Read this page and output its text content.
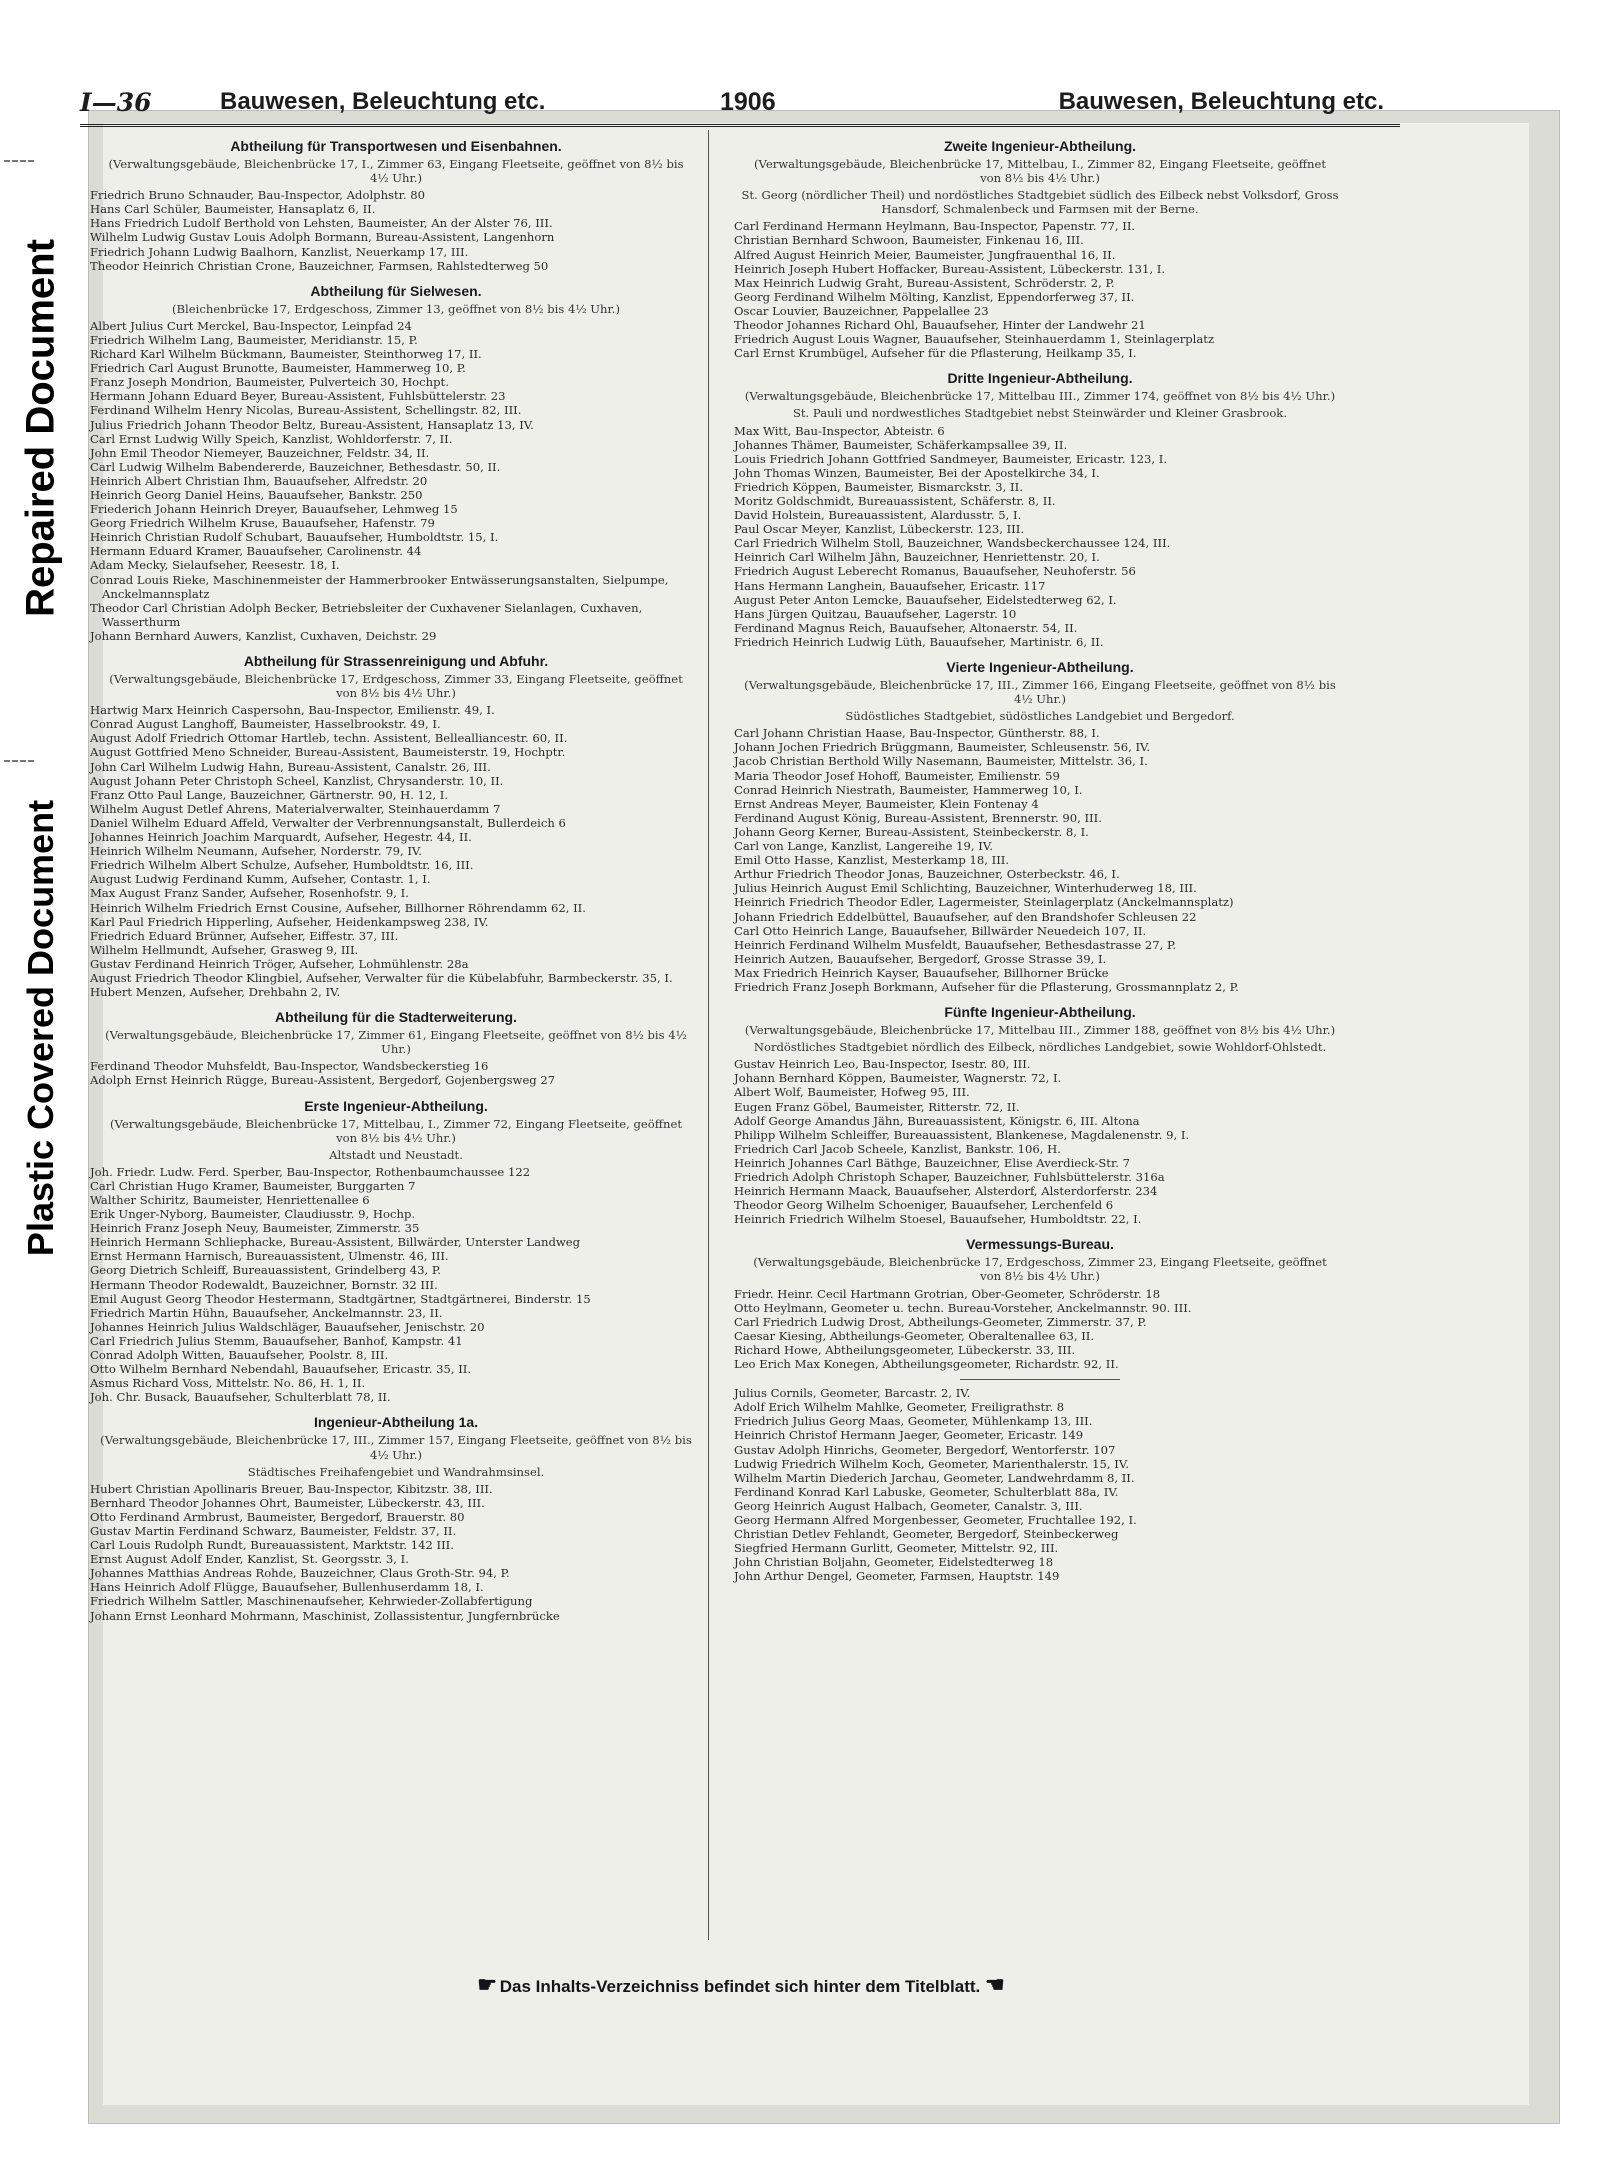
Repaired Document
Plastic Covered Document
I—36	Bauwesen, Beleuchtung etc.	1906	Bauwesen, Beleuchtung etc.
Abtheilung für Transportwesen und Eisenbahnen.
(Verwaltungsgebäude, Bleichenbrücke 17, I., Zimmer 63, Eingang Fleetseite, geöffnet von 8½ bis 4½ Uhr.)
Friedrich Bruno Schnauder, Bau-Inspector, Adolphstr. 80
Hans Carl Schüler, Baumeister, Hansaplatz 6, II.
Hans Friedrich Ludolf Berthold von Lehsten, Baumeister, An der Alster 76, III.
Wilhelm Ludwig Gustav Louis Adolph Bormann, Bureau-Assistent, Langenhorn
Friedrich Johann Ludwig Baalhorn, Kanzlist, Neuerkamp 17, III.
Theodor Heinrich Christian Crone, Bauzeichner, Farmsen, Rahlstedterweg 50
Abtheilung für Sielwesen.
(Bleichenbrücke 17, Erdgeschoss, Zimmer 13, geöffnet von 8½ bis 4½ Uhr.)
Albert Julius Curt Merckel, Bau-Inspector, Leinpfad 24
Friedrich Wilhelm Lang, Baumeister, Meridianstr. 15, P.
Richard Karl Wilhelm Bückmann, Baumeister, Steinthorweg 17, II.
Friedrich Carl August Brunotte, Baumeister, Hammerweg 10, P.
Franz Joseph Mondrion, Baumeister, Pulverteich 30, Hochpt.
Hermann Johann Eduard Beyer, Bureau-Assistent, Fuhlsbüttelerstr. 23
Ferdinand Wilhelm Henry Nicolas, Bureau-Assistent, Schellingstr. 82, III.
Julius Friedrich Johann Theodor Beltz, Bureau-Assistent, Hansaplatz 13, IV.
Carl Ernst Ludwig Willy Speich, Kanzlist, Wohldorferstr. 7, II.
John Emil Theodor Niemeyer, Bauzeichner, Feldstr. 34, II.
Carl Ludwig Wilhelm Babendererde, Bauzeichner, Bethesdastr. 50, II.
Heinrich Albert Christian Ihm, Bauaufseher, Alfredstr. 20
Heinrich Georg Daniel Heins, Bauaufseher, Bankstr. 250
Friederich Johann Heinrich Dreyer, Bauaufseher, Lehmweg 15
Georg Friedrich Wilhelm Kruse, Bauaufseher, Hafenstr. 79
Heinrich Christian Rudolf Schubart, Bauaufseher, Humboldtstr. 15, I.
Hermann Eduard Kramer, Bauaufseher, Carolinenstr. 44
Adam Mecky, Sielaufseher, Reesestr. 18, I.
Conrad Louis Rieke, Maschinenmeister der Hammerbrooker Entwässerungsanstalten, Sielpumpe, Anckelmannsplatz
Theodor Carl Christian Adolph Becker, Betriebsleiter der Cuxhavener Sielanlagen, Cuxhaven, Wasserthurm
Johann Bernhard Auwers, Kanzlist, Cuxhaven, Deichstr. 29
Abtheilung für Strassenreinigung und Abfuhr.
(Verwaltungsgebäude, Bleichenbrücke 17, Erdgeschoss, Zimmer 33, Eingang Fleetseite, geöffnet von 8½ bis 4½ Uhr.)
Hartwig Marx Heinrich Caspersohn, Bau-Inspector, Emilienstr. 49, I.
Conrad August Langhoff, Baumeister, Hasselbrookstr. 49, I.
August Adolf Friedrich Ottomar Hartleb, techn. Assistent, Bellealliancestr. 60, II.
August Gottfried Meno Schneider, Bureau-Assistent, Baumeisterstr. 19, Hochptr.
John Carl Wilhelm Ludwig Hahn, Bureau-Assistent, Canalstr. 26, III.
August Johann Peter Christoph Scheel, Kanzlist, Chrysanderstr. 10, II.
Franz Otto Paul Lange, Bauzeichner, Gärtnerstr. 90, H. 12, I.
Wilhelm August Detlef Ahrens, Materialverwalter, Steinhauerdamm 7
Daniel Wilhelm Eduard Affeld, Verwalter der Verbrennungsanstalt, Bullerdeich 6
Johannes Heinrich Joachim Marquardt, Aufseher, Hegestr. 44, II.
Heinrich Wilhelm Neumann, Aufseher, Norderstr. 79, IV.
Friedrich Wilhelm Albert Schulze, Aufseher, Humboldtstr. 16, III.
August Ludwig Ferdinand Kumm, Aufseher, Contastr. 1, I.
Max August Franz Sander, Aufseher, Rosenhofstr. 9, I.
Heinrich Wilhelm Friedrich Ernst Cousine, Aufseher, Billhorner Röhrendamm 62, II.
Karl Paul Friedrich Hipperling, Aufseher, Heidenkampsweg 238, IV.
Friedrich Eduard Brünner, Aufseher, Eiffestr. 37, III.
Wilhelm Hellmundt, Aufseher, Grasweg 9, III.
Gustav Ferdinand Heinrich Tröger, Aufseher, Lohmühlenstr. 28a
August Friedrich Theodor Klingbiel, Aufseher, Verwalter für die Kübelabfuhr, Barmbeckerstr. 35, I.
Hubert Menzen, Aufseher, Drehbahn 2, IV.
Abtheilung für die Stadterweiterung.
(Verwaltungsgebäude, Bleichenbrücke 17, Zimmer 61, Eingang Fleetseite, geöffnet von 8½ bis 4½ Uhr.)
Ferdinand Theodor Muhsfeldt, Bau-Inspector, Wandsbeckerstieg 16
Adolph Ernst Heinrich Rügge, Bureau-Assistent, Bergedorf, Gojenbergsweg 27
Erste Ingenieur-Abtheilung.
(Verwaltungsgebäude, Bleichenbrücke 17, Mittelbau, I., Zimmer 72, Eingang Fleetseite, geöffnet von 8½ bis 4½ Uhr.)
Altstadt und Neustadt.
Joh. Friedr. Ludw. Ferd. Sperber, Bau-Inspector, Rothenbaumchaussee 122
Carl Christian Hugo Kramer, Baumeister, Burggarten 7
Walther Schiritz, Baumeister, Henriettenallee 6
Erik Unger-Nyborg, Baumeister, Claudiusstr. 9, Hochp.
Heinrich Franz Joseph Neuy, Baumeister, Zimmerstr. 35
Heinrich Hermann Schliephacke, Bureau-Assistent, Billwärder, Unterster Landweg
Ernst Hermann Harnisch, Bureauassistent, Ulmenstr. 46, III.
Georg Dietrich Schleiff, Bureauassistent, Grindelberg 43, P.
Hermann Theodor Rodewaldt, Bauzeichner, Bornstr. 32 III.
Emil August Georg Theodor Hestermann, Stadtgärtner, Stadtgärtnerei, Binderstr. 15
Friedrich Martin Hühn, Bauaufseher, Anckelmannstr. 23, II.
Johannes Heinrich Julius Waldschläger, Bauaufseher, Jenischstr. 20
Carl Friedrich Julius Stemm, Bauaufseher, Banhof, Kampstr. 41
Conrad Adolph Witten, Bauaufseher, Poolstr. 8, III.
Otto Wilhelm Bernhard Nebendahl, Bauaufseher, Ericastr. 35, II.
Asmus Richard Voss, Mittelstr. No. 86, H. 1, II.
Joh. Chr. Busack, Bauaufseher, Schulterblatt 78, II.
Ingenieur-Abtheilung 1a.
(Verwaltungsgebäude, Bleichenbrücke 17, III., Zimmer 157, Eingang Fleetseite, geöffnet von 8½ bis 4½ Uhr.)
Städtisches Freihafengebiet und Wandrahmsinsel.
Hubert Christian Apollinaris Breuer, Bau-Inspector, Kibitzstr. 38, III.
Bernhard Theodor Johannes Ohrt, Baumeister, Lübeckerstr. 43, III.
Otto Ferdinand Armbrust, Baumeister, Bergedorf, Brauerstr. 80
Gustav Martin Ferdinand Schwarz, Baumeister, Feldstr. 37, II.
Carl Louis Rudolph Rundt, Bureauassistent, Marktstr. 142 III.
Ernst August Adolf Ender, Kanzlist, St. Georgsstr. 3, I.
Johannes Matthias Andreas Rohde, Bauzeichner, Claus Groth-Str. 94, P.
Hans Heinrich Adolf Flügge, Bauaufseher, Bullenhuserdamm 18, I.
Friedrich Wilhelm Sattler, Maschinenaufseher, Kehrwieder-Zollabfertigung
Johann Ernst Leonhard Mohrmann, Maschinist, Zollassistentur, Jungfernbrücke
Zweite Ingenieur-Abtheilung.
(Verwaltungsgebäude, Bleichenbrücke 17, Mittelbau, I., Zimmer 82, Eingang Fleetseite, geöffnet von 8½ bis 4½ Uhr.)
St. Georg (nördlicher Theil) und nordöstliches Stadtgebiet südlich des Eilbeck nebst Volksdorf, Gross Hansdorf, Schmalenbeck und Farmsen mit der Berne.
Carl Ferdinand Hermann Heylmann, Bau-Inspector, Papenstr. 77, II.
Christian Bernhard Schwoon, Baumeister, Finkenau 16, III.
Alfred August Heinrich Meier, Baumeister, Jungfrauenthal 16, II.
Heinrich Joseph Hubert Hoffacker, Bureau-Assistent, Lübeckerstr. 131, I.
Max Heinrich Ludwig Graht, Bureau-Assistent, Schröderstr. 2, P.
Georg Ferdinand Wilhelm Mölting, Kanzlist, Eppendorferweg 37, II.
Oscar Louvier, Bauzeichner, Pappelallee 23
Theodor Johannes Richard Ohl, Bauaufseher, Hinter der Landwehr 21
Friedrich August Louis Wagner, Bauaufseher, Steinhauerdamm 1, Steinlagerplatz
Carl Ernst Krumbügel, Aufseher für die Pflasterung, Heilkamp 35, I.
Dritte Ingenieur-Abtheilung.
(Verwaltungsgebäude, Bleichenbrücke 17, Mittelbau III., Zimmer 174, geöffnet von 8½ bis 4½ Uhr.)
St. Pauli und nordwestliches Stadtgebiet nebst Steinwärder und Kleiner Grasbrook.
Max Witt, Bau-Inspector, Abteistr. 6
Johannes Thämer, Baumeister, Schäferkampsallee 39, II.
Louis Friedrich Johann Gottfried Sandmeyer, Baumeister, Ericastr. 123, I.
John Thomas Winzen, Baumeister, Bei der Apostelkirche 34, I.
Friedrich Köppen, Baumeister, Bismarckstr. 3, II.
Moritz Goldschmidt, Bureauassistent, Schäferstr. 8, II.
David Holstein, Bureauassistent, Alardusstr. 5, I.
Paul Oscar Meyer, Kanzlist, Lübeckerstr. 123, III.
Carl Friedrich Wilhelm Stoll, Bauzeichner, Wandsbeckerchaussee 124, III.
Heinrich Carl Wilhelm Jähn, Bauzeichner, Henriettenstr. 20, I.
Friedrich August Leberecht Romanus, Bauaufseher, Neuhoferstr. 56
Hans Hermann Langhein, Bauaufseher, Ericastr. 117
August Peter Anton Lemcke, Bauaufseher, Eidelstedterweg 62, I.
Hans Jürgen Quitzau, Bauaufseher, Lagerstr. 10
Ferdinand Magnus Reich, Bauaufseher, Altonaerstr. 54, II.
Friedrich Heinrich Ludwig Lüth, Bauaufseher, Martinistr. 6, II.
Vierte Ingenieur-Abtheilung.
(Verwaltungsgebäude, Bleichenbrücke 17, III., Zimmer 166, Eingang Fleetseite, geöffnet von 8½ bis 4½ Uhr.)
Südöstliches Stadtgebiet, südöstliches Landgebiet und Bergedorf.
Carl Johann Christian Haase, Bau-Inspector, Güntherstr. 88, I.
Johann Jochen Friedrich Brüggmann, Baumeister, Schleusenstr. 56, IV.
Jacob Christian Berthold Willy Nasemann, Baumeister, Mittelstr. 36, I.
Maria Theodor Josef Hohoff, Baumeister, Emilienstr. 59
Conrad Heinrich Niestrath, Baumeister, Hammerweg 10, I.
Ernst Andreas Meyer, Baumeister, Klein Fontenay 4
Ferdinand August König, Bureau-Assistent, Brennerstr. 90, III.
Johann Georg Kerner, Bureau-Assistent, Steinbeckerstr. 8, I.
Carl von Lange, Kanzlist, Langereihe 19, IV.
Emil Otto Hasse, Kanzlist, Mesterkamp 18, III.
Arthur Friedrich Theodor Jonas, Bauzeichner, Osterbeckstr. 46, I.
Julius Heinrich August Emil Schlichting, Bauzeichner, Winterhuderweg 18, III.
Heinrich Friedrich Theodor Edler, Lagermeister, Steinlagerplatz (Anckelmannsplatz)
Johann Friedrich Eddelbüttel, Bauaufseher, auf den Brandshofer Schleusen 22
Carl Otto Heinrich Lange, Bauaufseher, Billwärder Neuedeich 107, II.
Heinrich Ferdinand Wilhelm Musfeldt, Bauaufseher, Bethesdastrasse 27, P.
Heinrich Autzen, Bauaufseher, Bergedorf, Grosse Strasse 39, I.
Max Friedrich Heinrich Kayser, Bauaufseher, Billhorner Brücke
Friedrich Franz Joseph Borkmann, Aufseher für die Pflasterung, Grossmannplatz 2, P.
Fünfte Ingenieur-Abtheilung.
(Verwaltungsgebäude, Bleichenbrücke 17, Mittelbau III., Zimmer 188, geöffnet von 8½ bis 4½ Uhr.)
Nordöstliches Stadtgebiet nördlich des Eilbeck, nördliches Landgebiet, sowie Wohldorf-Ohlstedt.
Gustav Heinrich Leo, Bau-Inspector, Isestr. 80, III.
Johann Bernhard Köppen, Baumeister, Wagnerstr. 72, I.
Albert Wolf, Baumeister, Hofweg 95, III.
Eugen Franz Göbel, Baumeister, Ritterstr. 72, II.
Adolf George Amandus Jähn, Bureauassistent, Königstr. 6, III. Altona
Philipp Wilhelm Schleiffer, Bureauassistent, Blankenese, Magdalenenstr. 9, I.
Friedrich Carl Jacob Scheele, Kanzlist, Bankstr. 106, H.
Heinrich Johannes Carl Bäthge, Bauzeichner, Elise Averdieck-Str. 7
Friedrich Adolph Christoph Schaper, Bauzeichner, Fuhlsbüttelerstr. 316a
Heinrich Hermann Maack, Bauaufseher, Alsterdorf, Alsterdorferstr. 234
Theodor Georg Wilhelm Schoeniger, Bauaufseher, Lerchenfeld 6
Heinrich Friedrich Wilhelm Stoesel, Bauaufseher, Humboldtstr. 22, I.
Vermessungs-Bureau.
(Verwaltungsgebäude, Bleichenbrücke 17, Erdgeschoss, Zimmer 23, Eingang Fleetseite, geöffnet von 8½ bis 4½ Uhr.)
Friedr. Heinr. Cecil Hartmann Grotrian, Ober-Geometer, Schröderstr. 18
Otto Heylmann, Geometer u. techn. Bureau-Vorsteher, Anckelmannstr. 90. III.
Carl Friedrich Ludwig Drost, Abtheilungs-Geometer, Zimmerstr. 37, P.
Caesar Kiesing, Abtheilungs-Geometer, Oberaltenallee 63, II.
Richard Howe, Abtheilungsgeometer, Lübeckerstr. 33, III.
Leo Erich Max Konegen, Abtheilungsgeometer, Richardstr. 92, II.
Julius Cornils, Geometer, Barcastr. 2, IV.
Adolf Erich Wilhelm Mahlke, Geometer, Freiligrathstr. 8
Friedrich Julius Georg Maas, Geometer, Mühlenkamp 13, III.
Heinrich Christof Hermann Jaeger, Geometer, Ericastr. 149
Gustav Adolph Hinrichs, Geometer, Bergedorf, Wentorferstr. 107
Ludwig Friedrich Wilhelm Koch, Geometer, Marienthalerstr. 15, IV.
Wilhelm Martin Diederich Jarchau, Geometer, Landwehrdamm 8, II.
Ferdinand Konrad Karl Labuske, Geometer, Schulterblatt 88a, IV.
Georg Heinrich August Halbach, Geometer, Canalstr. 3, III.
Georg Hermann Alfred Morgenbesser, Geometer, Fruchtallee 192, I.
Christian Detlev Fehlandt, Geometer, Bergedorf, Steinbeckerweg
Siegfried Hermann Gurlitt, Geometer, Mittelstr. 92, III.
John Christian Boljahn, Geometer, Eidelstedterweg 18
John Arthur Dengel, Geometer, Farmsen, Hauptstr. 149
☛ Das Inhalts-Verzeichniss befindet sich hinter dem Titelblatt. ☚
